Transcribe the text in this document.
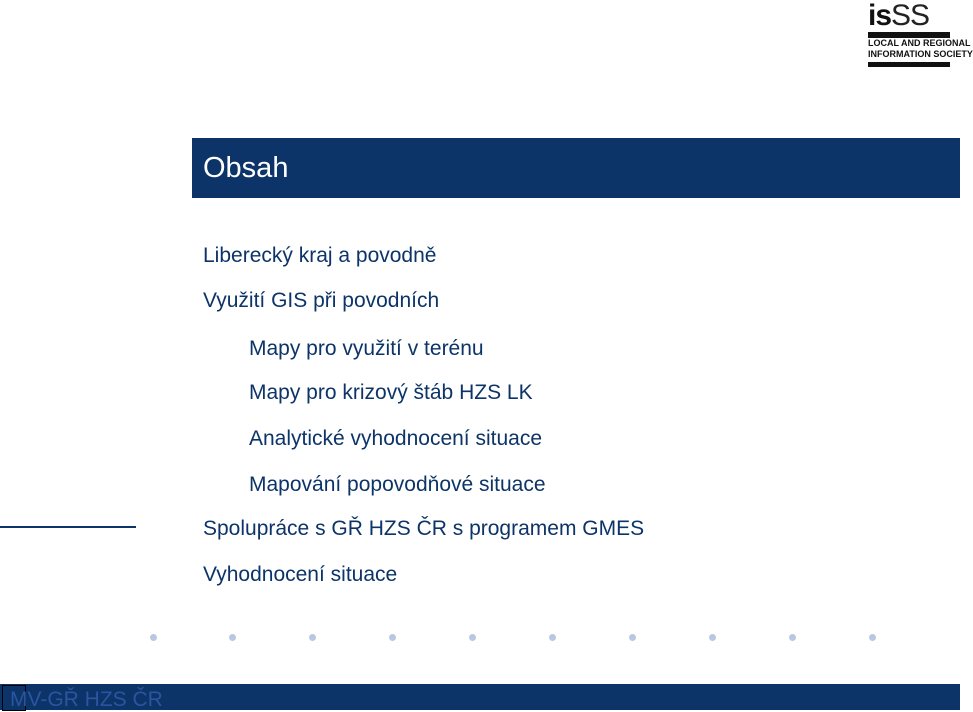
isSS
LOCAL AND REGIONAL
INFORMATION SOCIETY
Obsah
Liberecký kraj a povodně
Využití GIS při povodních
Mapy pro využití v terénu
Mapy pro krizový štáb HZS LK
Analytické vyhodnocení situace
Mapování popovodňové situace
Spolupráce s GŘ HZS ČR s programem GMES
Vyhodnocení situace
MV-GŘ HZS ČR
